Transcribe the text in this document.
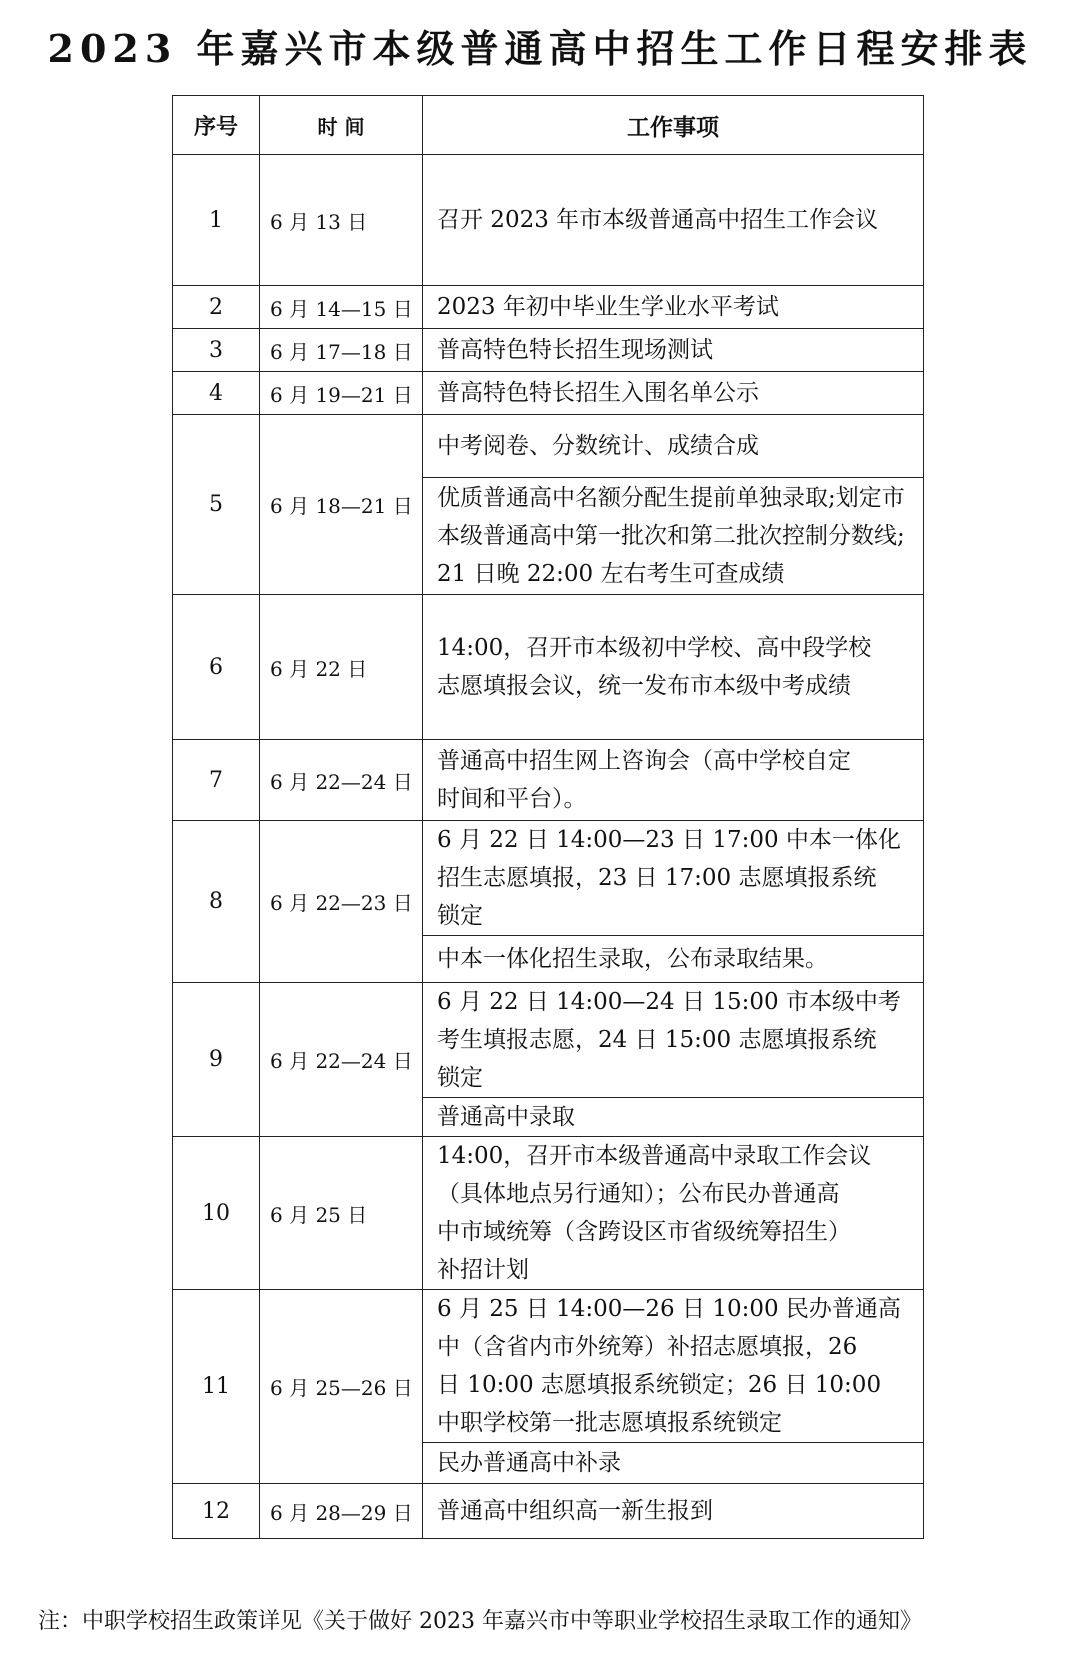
2023 年嘉兴市本级普通高中招生工作日程安排表
序号	时 间	工作事项
1	6 月 13 日	召开 2023 年市本级普通高中招生工作会议

2	6 月 14—15 日	2023 年初中毕业生学业水平考试

3	6 月 17—18 日	普高特色特长招生现场测试

4	6 月 19—21 日	普高特色特长招生入围名单公示

5	6 月 18—21 日	中考阅卷、分数统计、成绩合成

		优质普通高中名额分配生提前单独录取;划定市
本级普通高中第一批次和第二批次控制分数线;
21 日晚 22:00 左右考生可查成绩

6	6 月 22 日	14:00，召开市本级初中学校、高中段学校
志愿填报会议，统一发布市本级中考成绩

7	6 月 22—24 日	普通高中招生网上咨询会（高中学校自定
时间和平台）。

8	6 月 22—23 日	6 月 22 日 14:00—23 日 17:00 中本一体化
招生志愿填报，23 日 17:00 志愿填报系统
锁定

		中本一体化招生录取，公布录取结果。

9	6 月 22—24 日	6 月 22 日 14:00—24 日 15:00 市本级中考
考生填报志愿，24 日 15:00 志愿填报系统
锁定

		普通高中录取

10	6 月 25 日	14:00，召开市本级普通高中录取工作会议
（具体地点另行通知）；公布民办普通高
中市域统筹（含跨设区市省级统筹招生）
补招计划

11	6 月 25—26 日	6 月 25 日 14:00—26 日 10:00 民办普通高
中（含省内市外统筹）补招志愿填报，26
日 10:00 志愿填报系统锁定；26 日 10:00
中职学校第一批志愿填报系统锁定

		民办普通高中补录

12	6 月 28—29 日	普通高中组织高一新生报到
注：中职学校招生政策详见《关于做好 2023 年嘉兴市中等职业学校招生录取工作的通知》
